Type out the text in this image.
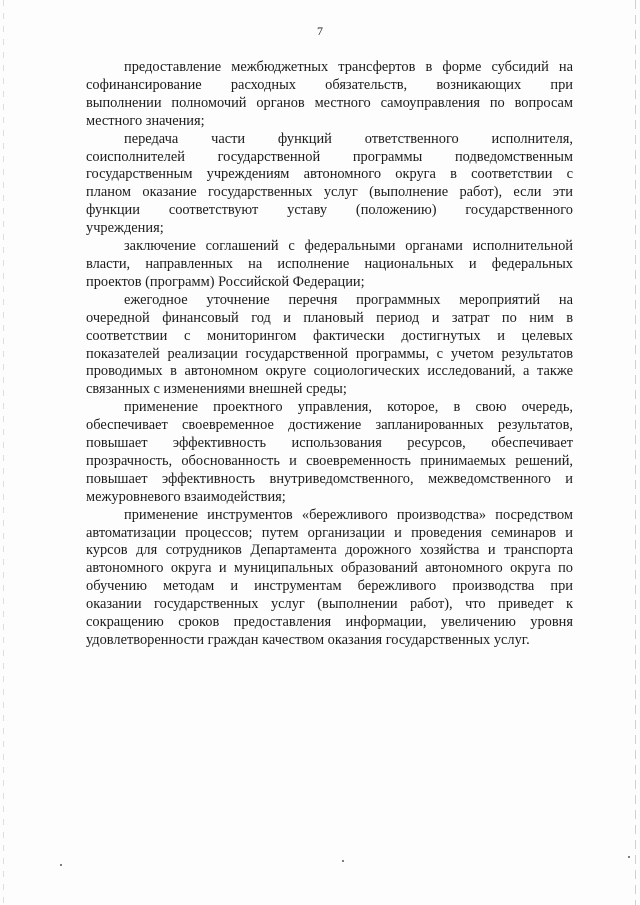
7
предоставление межбюджетных трансфертов в форме субсидий на
софинансирование расходных обязательств, возникающих при
выполнении полномочий органов местного самоуправления по вопросам
местного значения;
передача части функций ответственного исполнителя,
соисполнителей государственной программы подведомственным
государственным учреждениям автономного округа в соответствии с
планом оказание государственных услуг (выполнение работ), если эти
функции соответствуют уставу (положению) государственного
учреждения;
заключение соглашений с федеральными органами исполнительной
власти, направленных на исполнение национальных и федеральных
проектов (программ) Российской Федерации;
ежегодное уточнение перечня программных мероприятий на
очередной финансовый год и плановый период и затрат по ним в
соответствии с мониторингом фактически достигнутых и целевых
показателей реализации государственной программы, с учетом результатов
проводимых в автономном округе социологических исследований, а также
связанных с изменениями внешней среды;
применение проектного управления, которое, в свою очередь,
обеспечивает своевременное достижение запланированных результатов,
повышает эффективность использования ресурсов, обеспечивает
прозрачность, обоснованность и своевременность принимаемых решений,
повышает эффективность внутриведомственного, межведомственного и
межуровневого взаимодействия;
применение инструментов «бережливого производства» посредством
автоматизации процессов; путем организации и проведения семинаров и
курсов для сотрудников Департамента дорожного хозяйства и транспорта
автономного округа и муниципальных образований автономного округа по
обучению методам и инструментам бережливого производства при
оказании государственных услуг (выполнении работ), что приведет к
сокращению сроков предоставления информации, увеличению уровня
удовлетворенности граждан качеством оказания государственных услуг.
